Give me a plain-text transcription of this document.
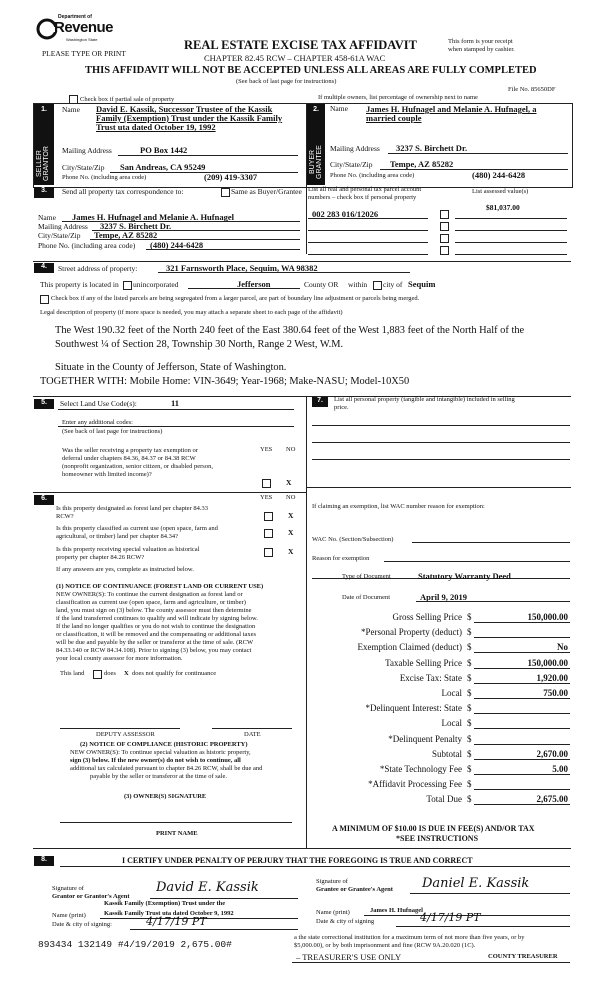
Department of
Revenue
Washington State
PLEASE TYPE OR PRINT
REAL ESTATE EXCISE TAX AFFIDAVIT
CHAPTER 82.45 RCW – CHAPTER 458-61A WAC
THIS AFFIDAVIT WILL NOT BE ACCEPTED UNLESS ALL AREAS ARE FULLY COMPLETED
(See back of last page for instructions)
This form is your receipt
when stamped by cashier.
File No. 85650DF
Check box if partial sale of property	If multiple owners, list percentage of ownership next to name
1.
SELLER GRANTOR
Name David E. Kassik, Successor Trustee of the Kassik
Family (Exemption) Trust under the Kassik Family
Trust uta dated October 19, 1992
Mailing Address	PO Box 1442
City/State/Zip San Andreas, CA 95249
Phone No. (including area code)	(209) 419-3307
2.
BUYER GRANTEE
Name James H. Hufnagel and Melanie A. Hufnagel, a
married couple
Mailing Address 3237 S. Birchett Dr.
City/State/Zip Tempe, AZ 85282
Phone No. (including area code)	(480) 244-6428
3.	Send all property tax correspondence to:	Same as Buyer/Grantee List all real and personal tax parcel account
numbers – check box if personal property
List assessed value(s)
$81,037.00
Name James H. Hufnagel and Melanie A. Hufnagel
Mailing Address 3237 S. Birchett Dr.
City/State/Zip Tempe, AZ 85282
Phone No. (including area code) (480) 244-6428
002 283 016/12026
4.	Street address of property:	321 Farnsworth Place, Sequim, WA 98382
This property is located in unincorporated	Jefferson	County OR within city of Sequim
Check box if any of the listed parcels are being segregated from a larger parcel, are part of boundary line adjustment or parcels being merged.
Legal description of property (if more space is needed, you may attach a separate sheet to each page of the affidavit)
The West 190.32 feet of the North 240 feet of the East 380.64 feet of the West 1,883 feet of the North Half of the
Southwest ¼ of Section 28, Township 30 North, Range 2 West, W.M.
Situate in the County of Jefferson, State of Washington.
TOGETHER WITH: Mobile Home: VIN-3649; Year-1968; Make-NASU; Model-10X50
5.	Select Land Use Code(s):	11
Enter any additional codes:
(See back of last page for instructions)
YES NO
Was the seller receiving a property tax exemption or
deferral under chapters 84.36, 84.37 or 84.38 RCW
(nonprofit organization, senior citizen, or disabled person,
homeowner with limited income)?
X
6.	YES NO
Is this property designated as forest land per chapter 84.33
RCW?	X
Is this property classified as current use (open space, farm and
agricultural, or timber) land per chapter 84.34?	X
Is this property receiving special valuation as historical
property per chapter 84.26 RCW?
X
If any answers are yes, complete as instructed below.
(1) NOTICE OF CONTINUANCE (FOREST LAND OR CURRENT USE)
NEW OWNER(S): To continue the current designation as forest land or
classification as current use (open space, farm and agriculture, or timber)
land, you must sign on (3) below. The county assessor must then determine
if the land transferred continues to qualify and will indicate by signing below.
If the land no longer qualifies or you do not wish to continue the designation
or classification, it will be removed and the compensating or additional taxes
will be due and payable by the seller or transferor at the time of sale. (RCW
84.33.140 or RCW 84.34.108). Prior to signing (3) below, you may contact
your local county assessor for more information.
This land	does X does not qualify for continuance
DEPUTY ASSESSOR	DATE
(2) NOTICE OF COMPLIANCE (HISTORIC PROPERTY)
NEW OWNER(S): To continue special valuation as historic property,
sign (3) below. If the new owner(s) do not wish to continue, all
additional tax calculated pursuant to chapter 84.26 RCW, shall be due and
payable by the seller or transferor at the time of sale.
(3) OWNER(S) SIGNATURE
PRINT NAME
7.	List all personal property (tangible and intangible) included in selling
price.
If claiming an exemption, list WAC number reason for exemption:
WAC No. (Section/Subsection)
Reason for exemption
Type of Document	Statutory Warranty Deed
Date of Document	April 9, 2019
Gross Selling Price $	150,000.00
*Personal Property (deduct) $
Exemption Claimed (deduct) $	No
Taxable Selling Price $	150,000.00
Excise Tax: State $	1,920.00
Local $	750.00
*Delinquent Interest: State $
Local $
*Delinquent Penalty $
Subtotal $	2,670.00
*State Technology Fee $	5.00
*Affidavit Processing Fee $
Total Due $	2,675.00
A MINIMUM OF $10.00 IS DUE IN FEE(S) AND/OR TAX
*SEE INSTRUCTIONS
8.	I CERTIFY UNDER PENALTY OF PERJURY THAT THE FOREGOING IS TRUE AND CORRECT
Signature of
Grantor or Grantor's Agent
David E. Kassik
Kassik Family (Exemption) Trust under the
Name (print)	Kassik Family Trust uta dated October 9, 1992
Date & city of signing:	4/17/19 PT
Signature of
Grantee or Grantee's Agent Daniel E. Kassik
Name (print)	James H. Hufnagel
Date & city of signing	4/17/19 PT
893434 132149 #4/19/2019 2,675.00#
a the state correctional institution for a maximum term of not more than five years, or by
$5,000.00), or by both imprisonment and fine (RCW 9A.20.020 (1C).
– TREASURER'S USE ONLY	COUNTY TREASURER
